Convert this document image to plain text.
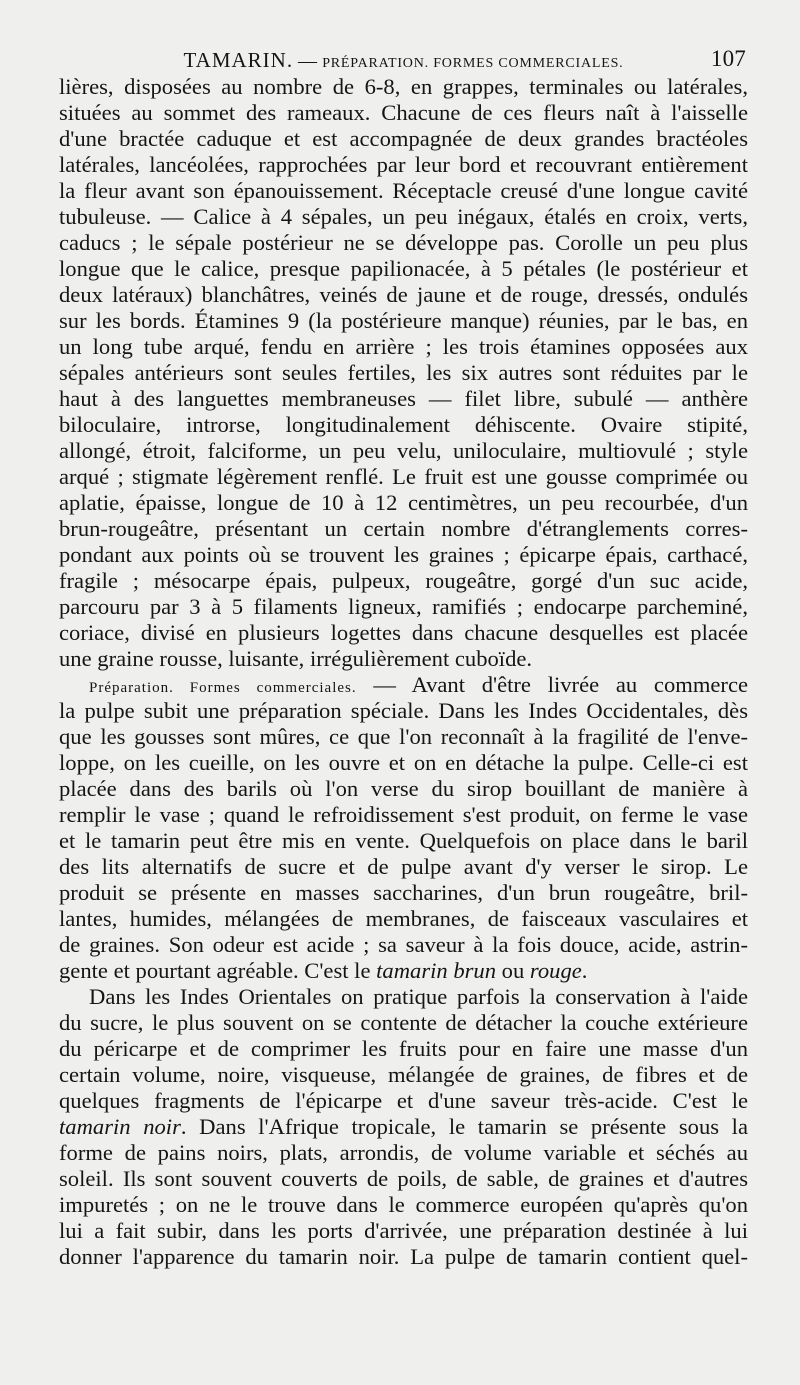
TAMARIN. — PRÉPARATION. FORMES COMMERCIALES.	107
lières, disposées au nombre de 6-8, en grappes, terminales ou latérales,
situées au sommet des rameaux. Chacune de ces fleurs naît à l'aisselle
d'une bractée caduque et est accompagnée de deux grandes bractéoles
latérales, lancéolées, rapprochées par leur bord et recouvrant entièrement
la fleur avant son épanouissement. Réceptacle creusé d'une longue cavité
tubuleuse. — Calice à 4 sépales, un peu inégaux, étalés en croix, verts,
caducs ; le sépale postérieur ne se développe pas. Corolle un peu plus
longue que le calice, presque papilionacée, à 5 pétales (le postérieur et
deux latéraux) blanchâtres, veinés de jaune et de rouge, dressés, ondulés
sur les bords. Étamines 9 (la postérieure manque) réunies, par le bas, en
un long tube arqué, fendu en arrière ; les trois étamines opposées aux
sépales antérieurs sont seules fertiles, les six autres sont réduites par le
haut à des languettes membraneuses — filet libre, subulé — anthère
biloculaire, introrse, longitudinalement déhiscente. Ovaire stipité,
allongé, étroit, falciforme, un peu velu, uniloculaire, multiovulé ; style
arqué ; stigmate légèrement renflé. Le fruit est une gousse comprimée ou
aplatie, épaisse, longue de 10 à 12 centimètres, un peu recourbée, d'un
brun-rougeâtre, présentant un certain nombre d'étranglements corres-
pondant aux points où se trouvent les graines ; épicarpe épais, carthacé,
fragile ; mésocarpe épais, pulpeux, rougeâtre, gorgé d'un suc acide,
parcouru par 3 à 5 filaments ligneux, ramifiés ; endocarpe parcheminé,
coriace, divisé en plusieurs logettes dans chacune desquelles est placée
une graine rousse, luisante, irrégulièrement cuboïde.
Préparation. Formes commerciales. — Avant d'être livrée au commerce
la pulpe subit une préparation spéciale. Dans les Indes Occidentales, dès
que les gousses sont mûres, ce que l'on reconnaît à la fragilité de l'enve-
loppe, on les cueille, on les ouvre et on en détache la pulpe. Celle-ci est
placée dans des barils où l'on verse du sirop bouillant de manière à
remplir le vase ; quand le refroidissement s'est produit, on ferme le vase
et le tamarin peut être mis en vente. Quelquefois on place dans le baril
des lits alternatifs de sucre et de pulpe avant d'y verser le sirop. Le
produit se présente en masses saccharines, d'un brun rougeâtre, bril-
lantes, humides, mélangées de membranes, de faisceaux vasculaires et
de graines. Son odeur est acide ; sa saveur à la fois douce, acide, astrin-
gente et pourtant agréable. C'est le tamarin brun ou rouge.
Dans les Indes Orientales on pratique parfois la conservation à l'aide
du sucre, le plus souvent on se contente de détacher la couche extérieure
du péricarpe et de comprimer les fruits pour en faire une masse d'un
certain volume, noire, visqueuse, mélangée de graines, de fibres et de
quelques fragments de l'épicarpe et d'une saveur très-acide. C'est le
tamarin noir. Dans l'Afrique tropicale, le tamarin se présente sous la
forme de pains noirs, plats, arrondis, de volume variable et séchés au
soleil. Ils sont souvent couverts de poils, de sable, de graines et d'autres
impuretés ; on ne le trouve dans le commerce européen qu'après qu'on
lui a fait subir, dans les ports d'arrivée, une préparation destinée à lui
donner l'apparence du tamarin noir. La pulpe de tamarin contient quel-
